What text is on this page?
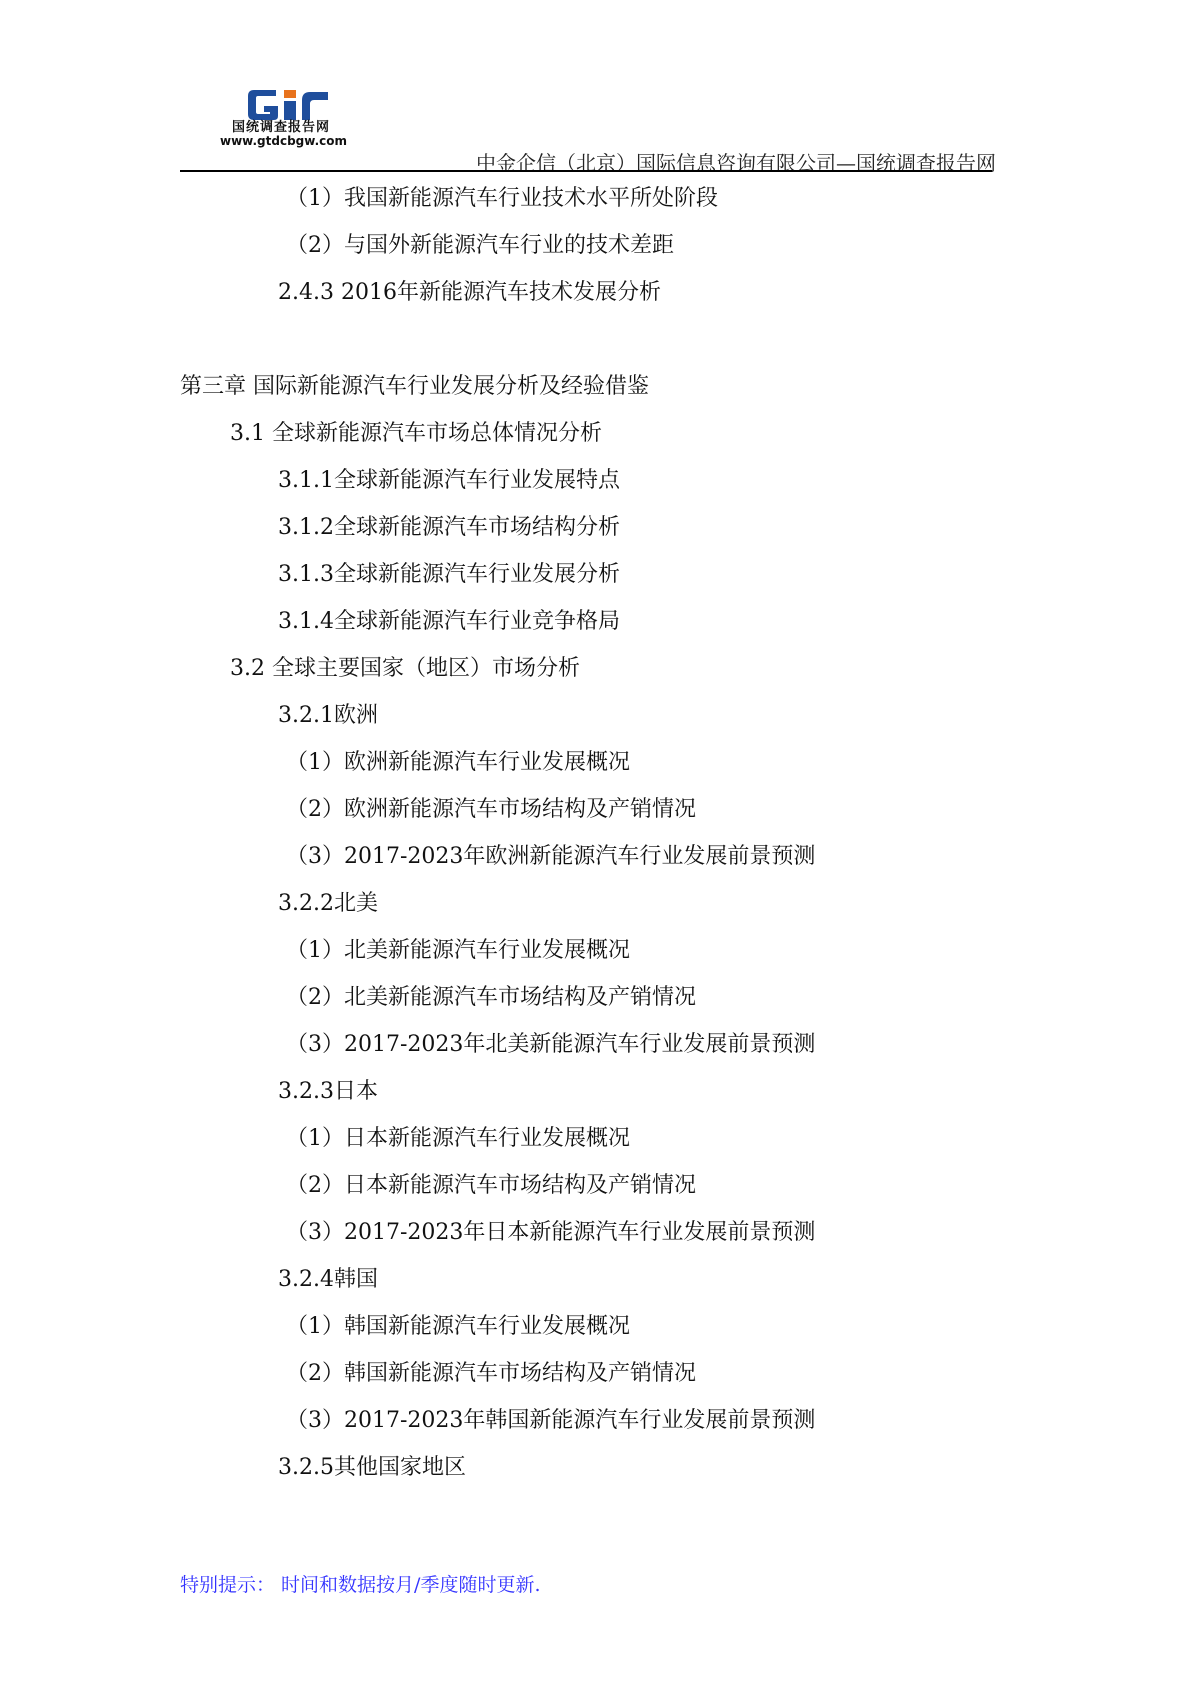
国统调查报告网
www.gtdcbgw.com
中金企信（北京）国际信息咨询有限公司—国统调查报告网
（1）我国新能源汽车行业技术水平所处阶段
（2）与国外新能源汽车行业的技术差距
2.4.3 2016年新能源汽车技术发展分析
第三章 国际新能源汽车行业发展分析及经验借鉴
3.1 全球新能源汽车市场总体情况分析
3.1.1全球新能源汽车行业发展特点
3.1.2全球新能源汽车市场结构分析
3.1.3全球新能源汽车行业发展分析
3.1.4全球新能源汽车行业竞争格局
3.2 全球主要国家（地区）市场分析
3.2.1欧洲
（1）欧洲新能源汽车行业发展概况
（2）欧洲新能源汽车市场结构及产销情况
（3）2017-2023年欧洲新能源汽车行业发展前景预测
3.2.2北美
（1）北美新能源汽车行业发展概况
（2）北美新能源汽车市场结构及产销情况
（3）2017-2023年北美新能源汽车行业发展前景预测
3.2.3日本
（1）日本新能源汽车行业发展概况
（2）日本新能源汽车市场结构及产销情况
（3）2017-2023年日本新能源汽车行业发展前景预测
3.2.4韩国
（1）韩国新能源汽车行业发展概况
（2）韩国新能源汽车市场结构及产销情况
（3）2017-2023年韩国新能源汽车行业发展前景预测
3.2.5其他国家地区
特别提示： 时间和数据按月/季度随时更新.
